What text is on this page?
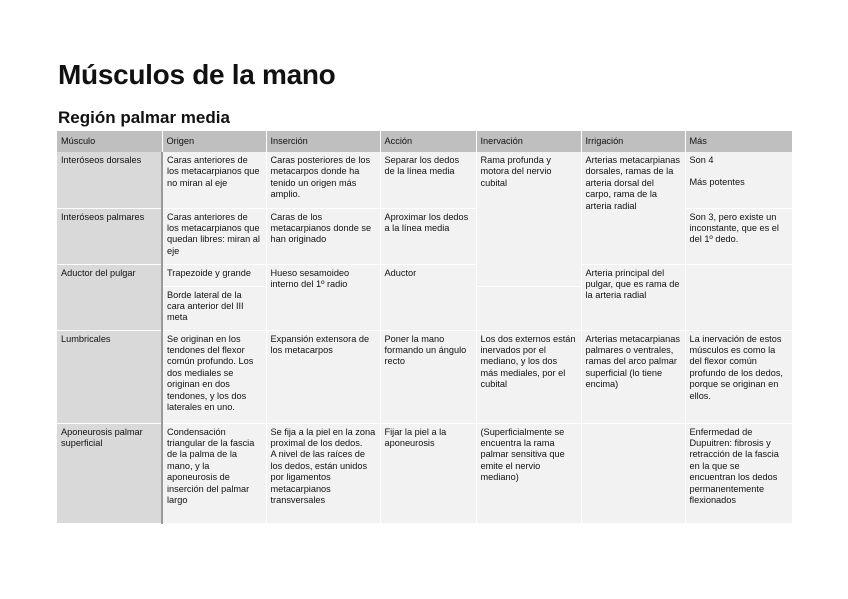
Músculos de la mano
Región palmar media
Músculo	Origen	Inserción	Acción	Inervación	Irrigación	Más
Interóseos dorsales	Caras anteriores de los metacarpianos que no miran al eje	Caras posteriores de los metacarpos donde ha tenido un origen más amplio.	Separar los dedos de la línea media	Rama profunda y motora del nervio cubital	Arterias metacarpianas dorsales, ramas de la arteria dorsal del carpo, rama de la arteria radial	Son 4
Más potentes
Interóseos palmares	Caras anteriores de los metacarpianos que quedan libres: miran al eje	Caras de los metacarpianos donde se han originado	Aproximar los dedos a la línea media			Son 3, pero existe un inconstante, que es el del 1º dedo.
Aductor del pulgar	Trapezoide y grande	Hueso sesamoideo interno del 1º radio	Aductor		Arteria principal del pulgar, que es rama de la arteria radial	
	Borde lateral de la cara anterior del III meta					
Lumbricales	Se originan en los tendones del flexor común profundo. Los dos mediales se originan en dos tendones, y los dos laterales en uno.	Expansión extensora de los metacarpos	Poner la mano formando un ángulo recto	Los dos externos están inervados por el mediano, y los dos más mediales, por el cubital	Arterias metacarpianas palmares o ventrales, ramas del arco palmar superficial (lo tiene encima)	La inervación de estos músculos es como la del flexor común profundo de los dedos, porque se originan en ellos.
Aponeurosis palmar superficial	Condensación triangular de la fascia de la palma de la mano, y la aponeurosis de inserción del palmar largo	Se fija a la piel en la zona proximal de los dedos.
A nivel de las raíces de los dedos, están unidos por ligamentos metacarpianos transversales	Fijar la piel a la aponeurosis	(Superficialmente se encuentra la rama palmar sensitiva que emite el nervio mediano)		Enfermedad de Dupuitren: fibrosis y retracción de la fascia en la que se encuentran los dedos permanentemente flexionados
